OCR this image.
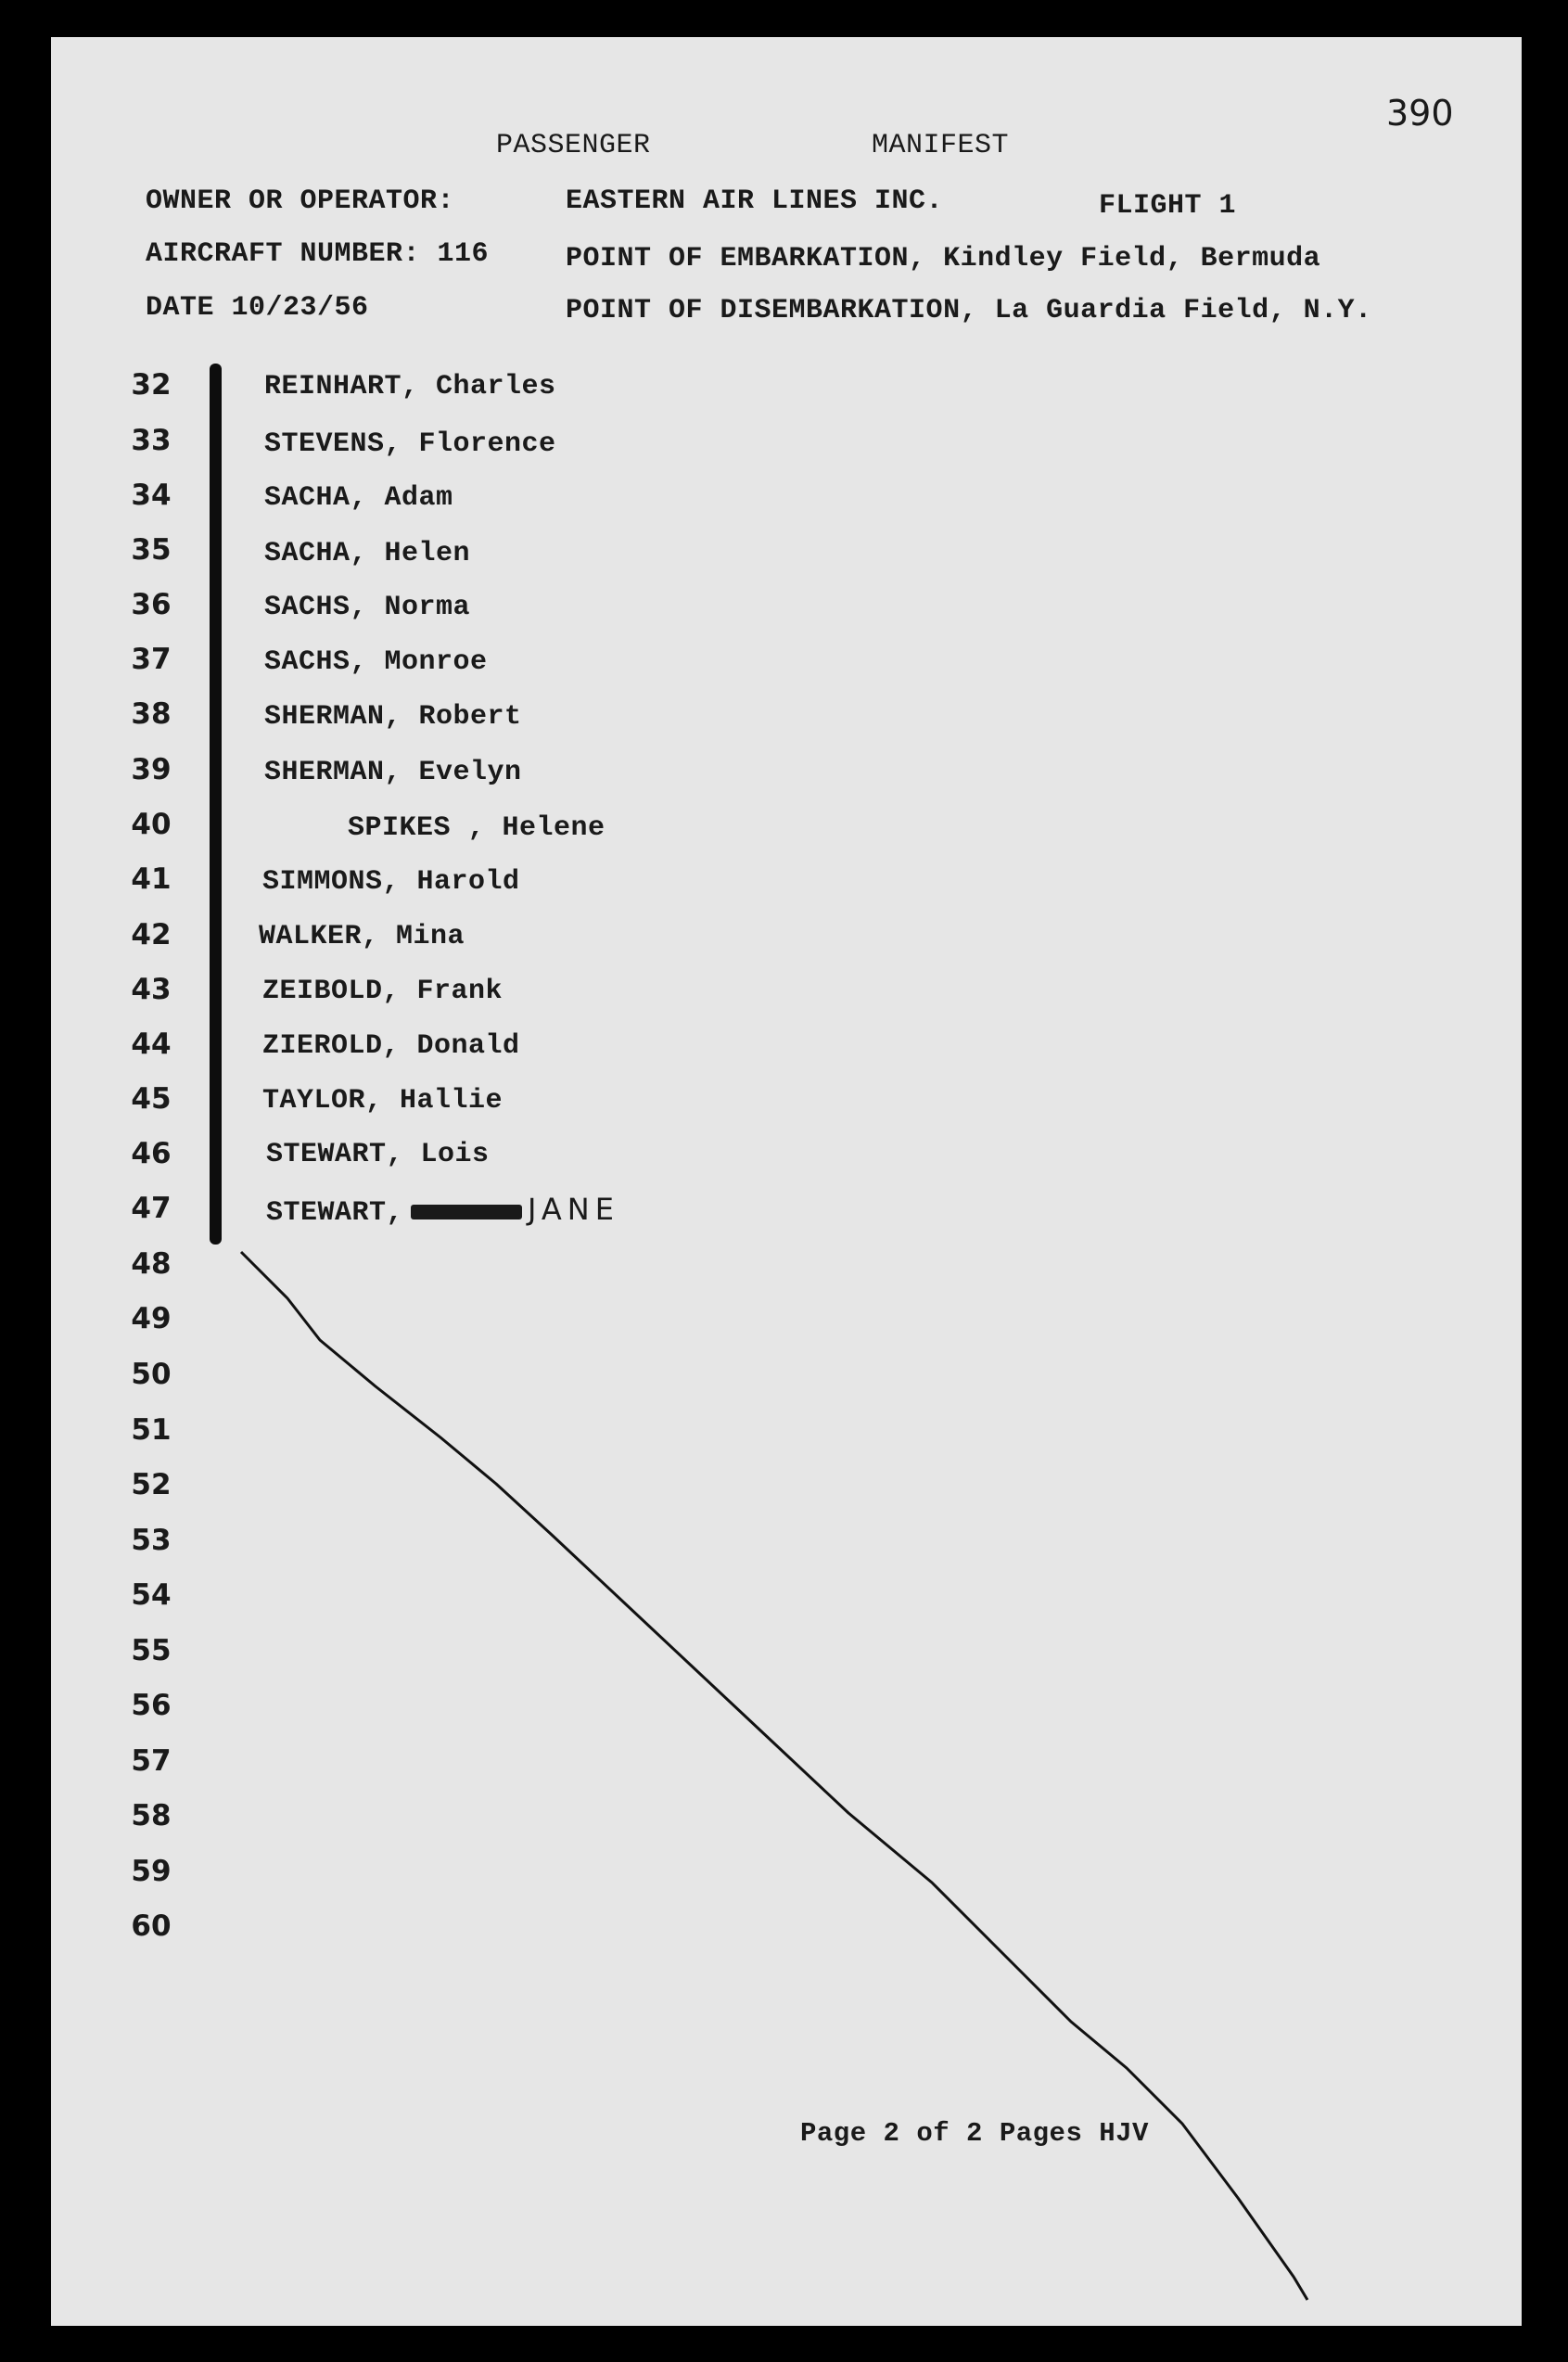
390
PASSENGER	MANIFEST
OWNER OR OPERATOR:	EASTERN AIR LINES INC.	FLIGHT 1
AIRCRAFT NUMBER: 116	POINT OF EMBARKATION, Kindley Field, Bermuda
DATE 10/23/56	POINT OF DISEMBARKATION, La Guardia Field, N.Y.
32	REINHART, Charles
33	STEVENS, Florence
34	SACHA, Adam
35	SACHA, Helen
36	SACHS, Norma
37	SACHS, Monroe
38	SHERMAN, Robert
39	SHERMAN, Evelyn
40	SPIKES , Helene
41	SIMMONS, Harold
42	WALKER, Mina
43	ZEIBOLD, Frank
44	ZIEROLD, Donald
45	TAYLOR, Hallie
46	STEWART, Lois
47	STEWART,	JANE
48
49
50
51
52
53
54
55
56
57
58
59
60
Page 2 of 2 Pages HJV
